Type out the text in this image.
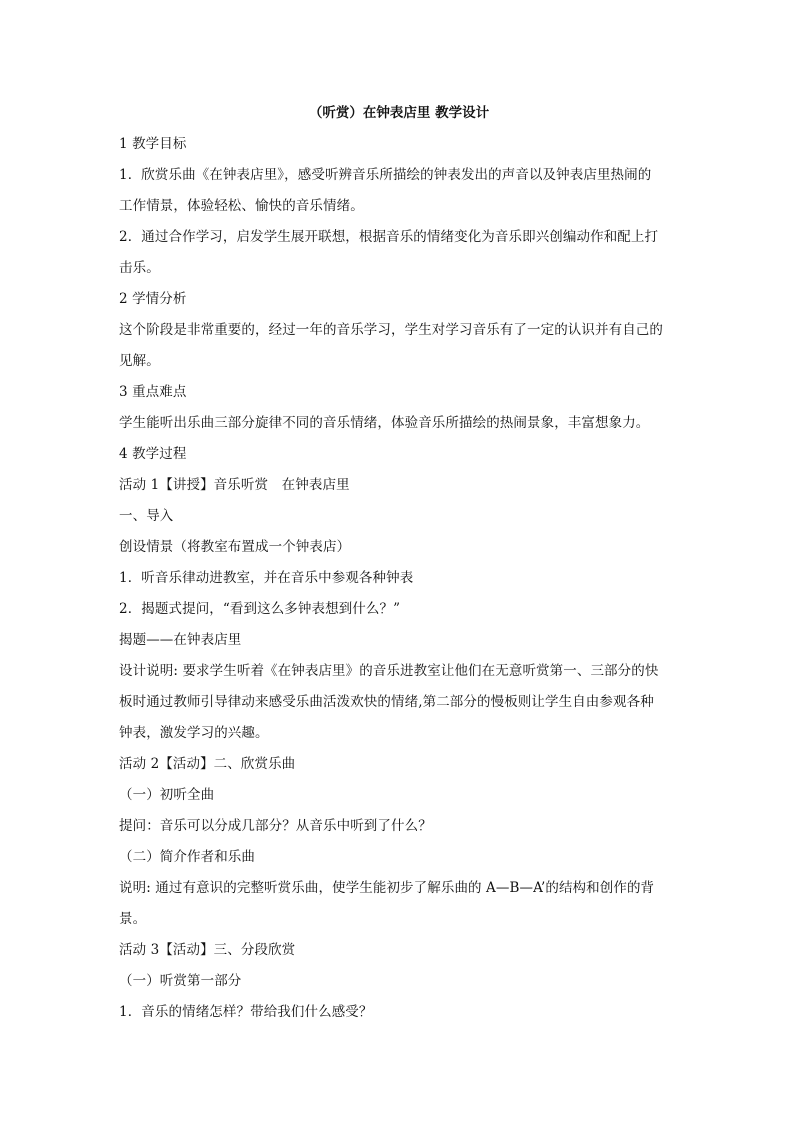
（听赏）在钟表店里 教学设计
1 教学目标
1．欣赏乐曲《在钟表店里》，感受听辨音乐所描绘的钟表发出的声音以及钟表店里热闹的
工作情景，体验轻松、愉快的音乐情绪。
2．通过合作学习，启发学生展开联想，根据音乐的情绪变化为音乐即兴创编动作和配上打
击乐。
2 学情分析
这个阶段是非常重要的，经过一年的音乐学习，学生对学习音乐有了一定的认识并有自己的
见解。
3 重点难点
学生能听出乐曲三部分旋律不同的音乐情绪，体验音乐所描绘的热闹景象，丰富想象力。
4 教学过程
活动 1【讲授】音乐听赏　在钟表店里
一、导入
创设情景（将教室布置成一个钟表店）
1．听音乐律动进教室，并在音乐中参观各种钟表
2．揭题式提问，“看到这么多钟表想到什么？”
揭题——在钟表店里
设计说明: 要求学生听着《在钟表店里》的音乐进教室让他们在无意听赏第一、三部分的快
板时通过教师引导律动来感受乐曲活泼欢快的情绪,第二部分的慢板则让学生自由参观各种
钟表，激发学习的兴趣。
活动 2【活动】二、欣赏乐曲
（一）初听全曲
提问：音乐可以分成几部分？从音乐中听到了什么？
（二）简介作者和乐曲
说明: 通过有意识的完整听赏乐曲，使学生能初步了解乐曲的 A—B—A’的结构和创作的背
景。
活动 3【活动】三、分段欣赏
（一）听赏第一部分
1．音乐的情绪怎样？带给我们什么感受？
